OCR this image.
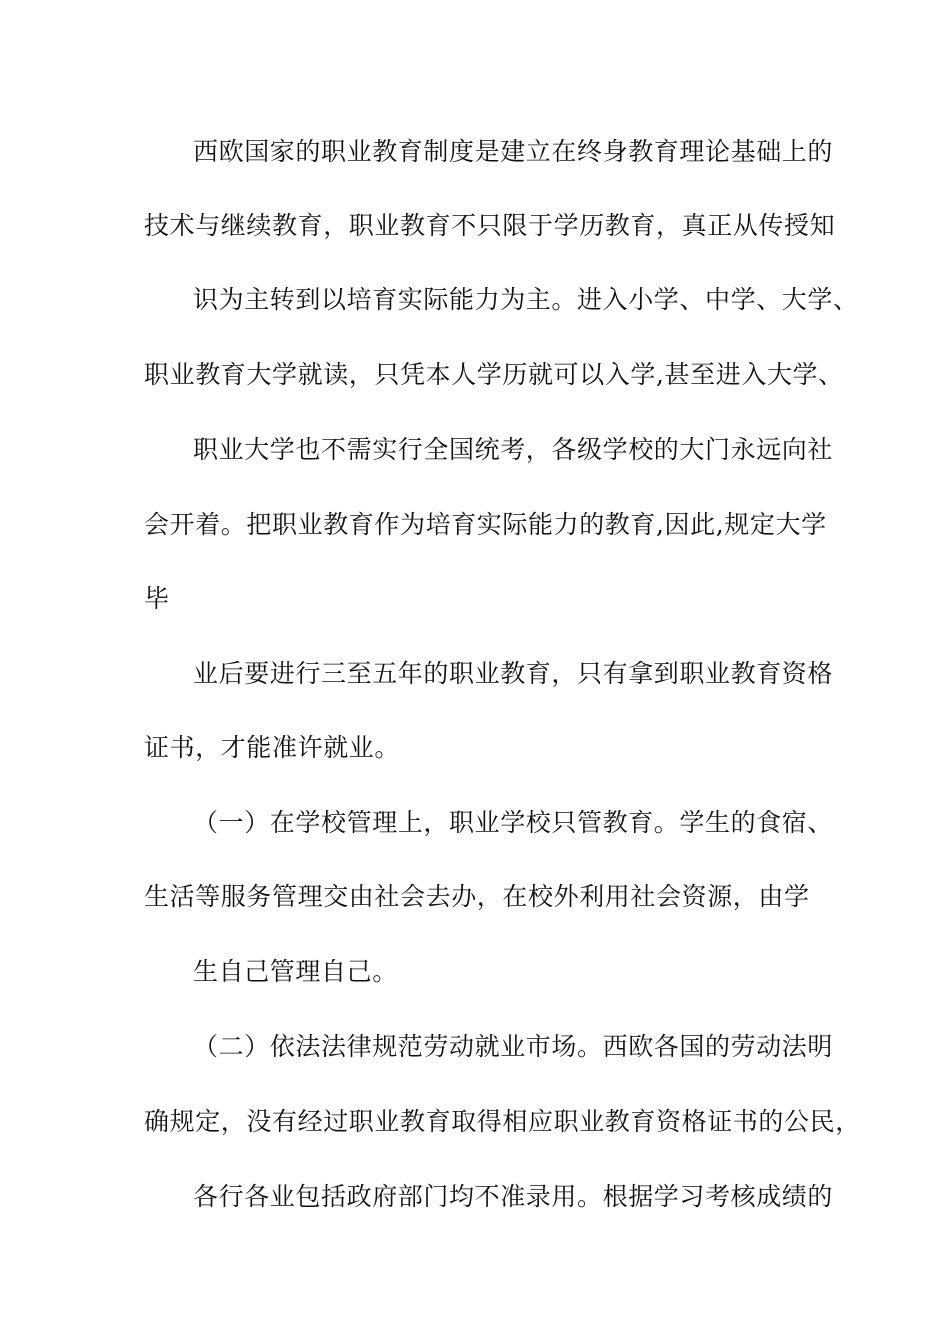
西欧国家的职业教育制度是建立在终身教育理论基础上的
技术与继续教育，职业教育不只限于学历教育，真正从传授知
识为主转到以培育实际能力为主。进入小学、中学、大学、
职业教育大学就读，只凭本人学历就可以入学,甚至进入大学、
职业大学也不需实行全国统考，各级学校的大门永远向社
会开着。把职业教育作为培育实际能力的教育,因此,规定大学
毕
业后要进行三至五年的职业教育，只有拿到职业教育资格
证书，才能准许就业。
（一）在学校管理上，职业学校只管教育。学生的食宿、
生活等服务管理交由社会去办，在校外利用社会资源，由学
生自己管理自己。
（二）依法法律规范劳动就业市场。西欧各国的劳动法明
确规定，没有经过职业教育取得相应职业教育资格证书的公民，
各行各业包括政府部门均不准录用。根据学习考核成绩的
